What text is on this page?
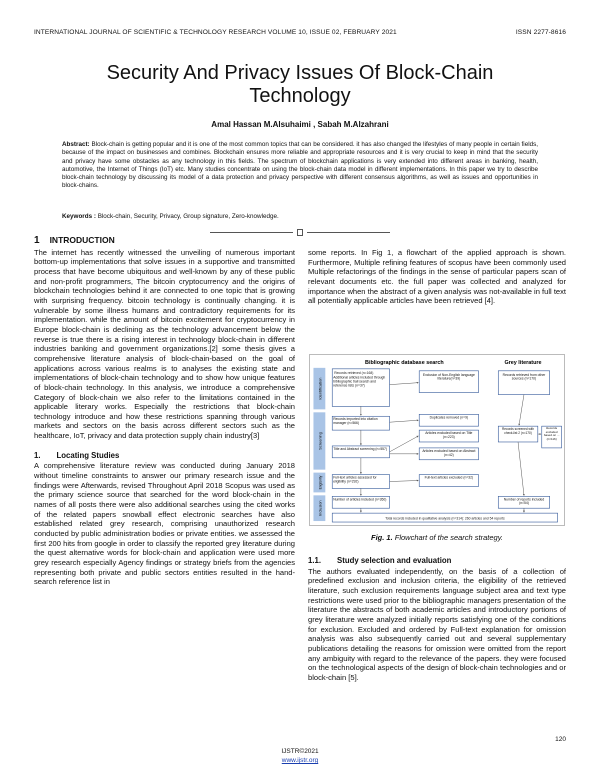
INTERNATIONAL JOURNAL OF SCIENTIFIC & TECHNOLOGY RESEARCH VOLUME 10, ISSUE 02, FEBRUARY 2021	ISSN 2277-8616
Security And Privacy Issues Of Block-Chain
Technology
Amal Hassan M.Alsuhaimi , Sabah M.Alzahrani
Abstract: Block-chain is getting popular and it is one of the most common topics that can be considered. it has also changed the lifestyles of many people in certain fields, because of the impact on businesses and combines. Blockchain ensures more reliable and appropriate resources and it is very crucial to keep in mind that the security and privacy have some obstacles as any technology in this fields. The spectrum of blockchain applications is very extended into different areas in banking, health, automotive, the Internet of Things (IoT) etc. Many studies concentrate on using the block-chain data model in different implementations. In this paper we try to describe block-chain technology by discussing its model of a data protection and privacy perspective with different consensus algorithms, as well as issues and opportunities in block-chains.
Keywords : Block-chain, Security, Privacy, Group signature, Zero-knowledge.
1 INTRODUCTION

The internet has recently witnessed the unveiling of numerous important bottom-up implementations that solve issues in a supportive and transmitted process that have become ubiquitous and well-known by any of these public and non-profit programmers, The bitcoin cryptocurrency and the origins of blockchain technologies behind it are connected to one topic that is growing with surprising frequency. bitcoin technology is continually changing. it is vulnerable by some illness humans and contradictory requirements for its implementation. while the amount of bitcoin excitement for cryptocurrency in Europe block-chain is declining as the technology advancement below the reverse is true there is a rising interest in technology block-chain in different industries banking and government organizations.[2] some thesis gives a comprehensive literature analysis of block-chain-based on the goal of applications across various realms is to analyses the existing state and implementations of block-chain technology and to show how unique features of block-chain technology. In this analysis, we introduce a comprehensive Category of block-chain we also refer to the limitations contained in the applicable literary works. Especially the restrictions that block-chain technology introduce and how these restrictions spanning through various markets and sectors on the basis across different sectors such as the healthcare, IoT, privacy and data protection supply chain industry[3]

1. Locating Studies

A comprehensive literature review was conducted during January 2018 without timeline constraints to answer our primary research issue and the findings were Afterwards, revised Throughout April 2018 Scopus was used as the primary science source that searched for the word block-chain in the names of all posts there were also additional searches using the cited works of the related papers snowball effect electronic searches have also established related grey research, comprising unauthorized research conducted by public administration bodies or private entities. we assessed the first 200 hits from google in order to classify the reported grey literature during the quest alternative words for block-chain and application were used more grey research especially Agency findings or strategy briefs from the agencies representing both private and public sectors entities resulted in the hand-search reference list in

some reports. In Fig 1, a flowchart of the applied approach is shown. Furthermore, Multiple refining features of scopus have been commonly used Multiple refactorings of the findings in the sense of particular papers scan of relevant documents etc. the full paper was collected and analyzed for importance when the abstract of a given analysis was not-available in full text all potentially applicable articles have been retrieved [4].

Bibliographic database search	Grey literature
Identification
Screening
Eligibility
Inclusion
Records retrieved (n=168)
Additional articles included through bibliographic trail search and reference lists (n=37)
Exclusion of Non-English language literature(n=39)
Records retrieved from other sources (n=170)
Records imported into citation manager (n=566)
Duplicates removed (n=9)
Articles excluded based on Title (n=223)
Title and Abstract screening (n=557)	Articles excluded based on Abstract (n=42)
Records screened with check-list 2 (n=170)
Records excluded based on ... (n=116)
Full-text articles assessed for eligibility (n=292)
Full-text articles excluded (n=32)
Number of articles included (n=260)	Number of reports included (n=54)
Total records included in qualitative analysis (n=314): 260 articles and 54 reports
Fig. 1. Flowchart of the search strategy.
1.1. Study selection and evaluation

The authors evaluated independently, on the basis of a collection of predefined exclusion and inclusion criteria, the eligibility of the retrieved literature, such exclusion requirements language subject area and text type restrictions were used prior to the bibliographic managers presentation of the literature the abstracts of both academic articles and introductory portions of grey literature were analyzed initially reports satisfying one of the conditions for exclusion. Excluded and ordered by Full-text explanation for omission analysis was also subsequently carried out and several supplementary publications detailing the reasons for omission were omitted from the report any ambiguity with regard to the relevance of the papers. they were focused on the technological aspects of the design of block-chain technologies and or block-chain [5].

120
IJSTR©2021
www.ijstr.org
